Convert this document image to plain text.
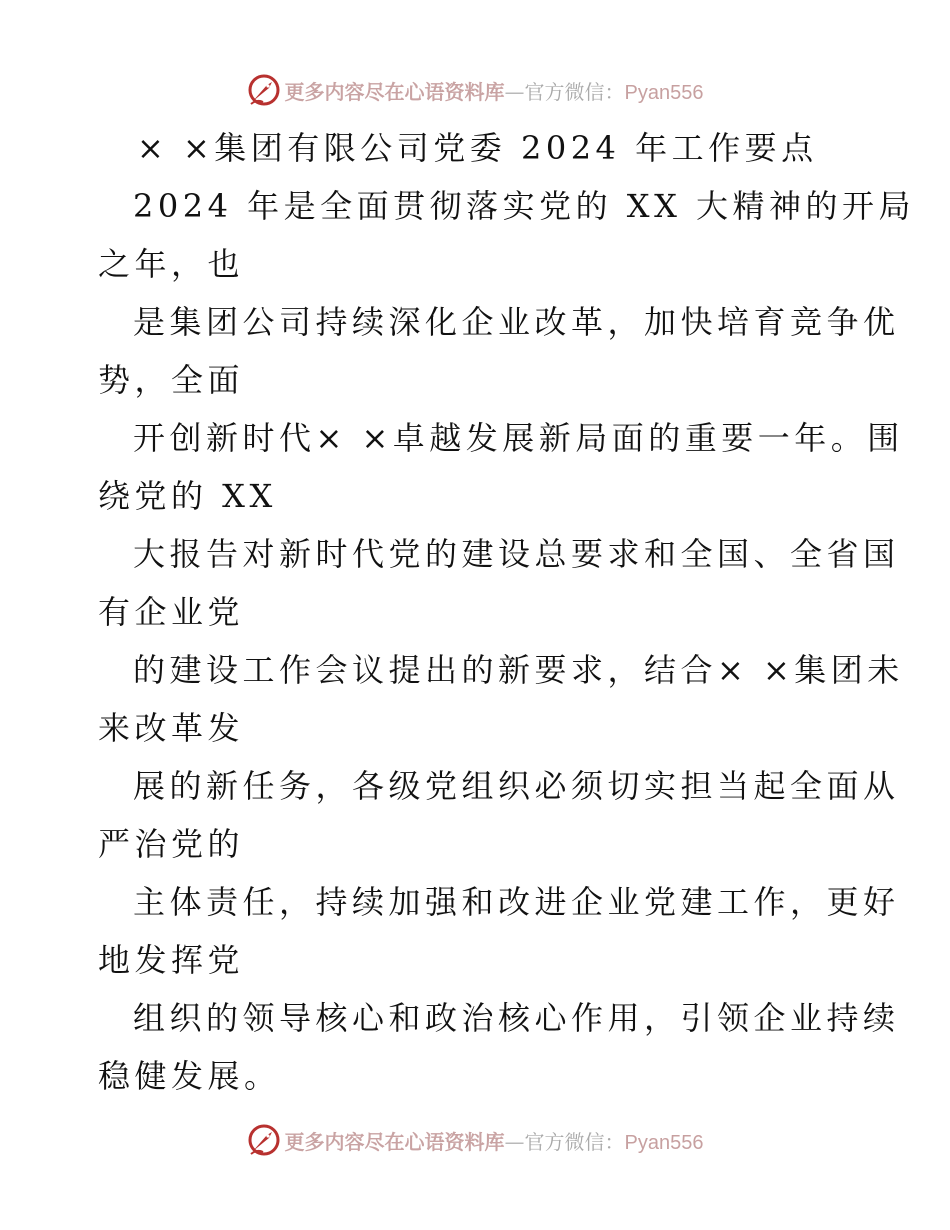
更多内容尽在心语资料库—官方微信：Pyan556
× ×集团有限公司党委 2024 年工作要点
2024 年是全面贯彻落实党的 XX 大精神的开局
之年，也
是集团公司持续深化企业改革，加快培育竞争优
势，全面
开创新时代× ×卓越发展新局面的重要一年。围
绕党的 XX
大报告对新时代党的建设总要求和全国、全省国
有企业党
的建设工作会议提出的新要求，结合× ×集团未
来改革发
展的新任务，各级党组织必须切实担当起全面从
严治党的
主体责任，持续加强和改进企业党建工作，更好
地发挥党
组织的领导核心和政治核心作用，引领企业持续
稳健发展。
更多内容尽在心语资料库—官方微信：Pyan556
